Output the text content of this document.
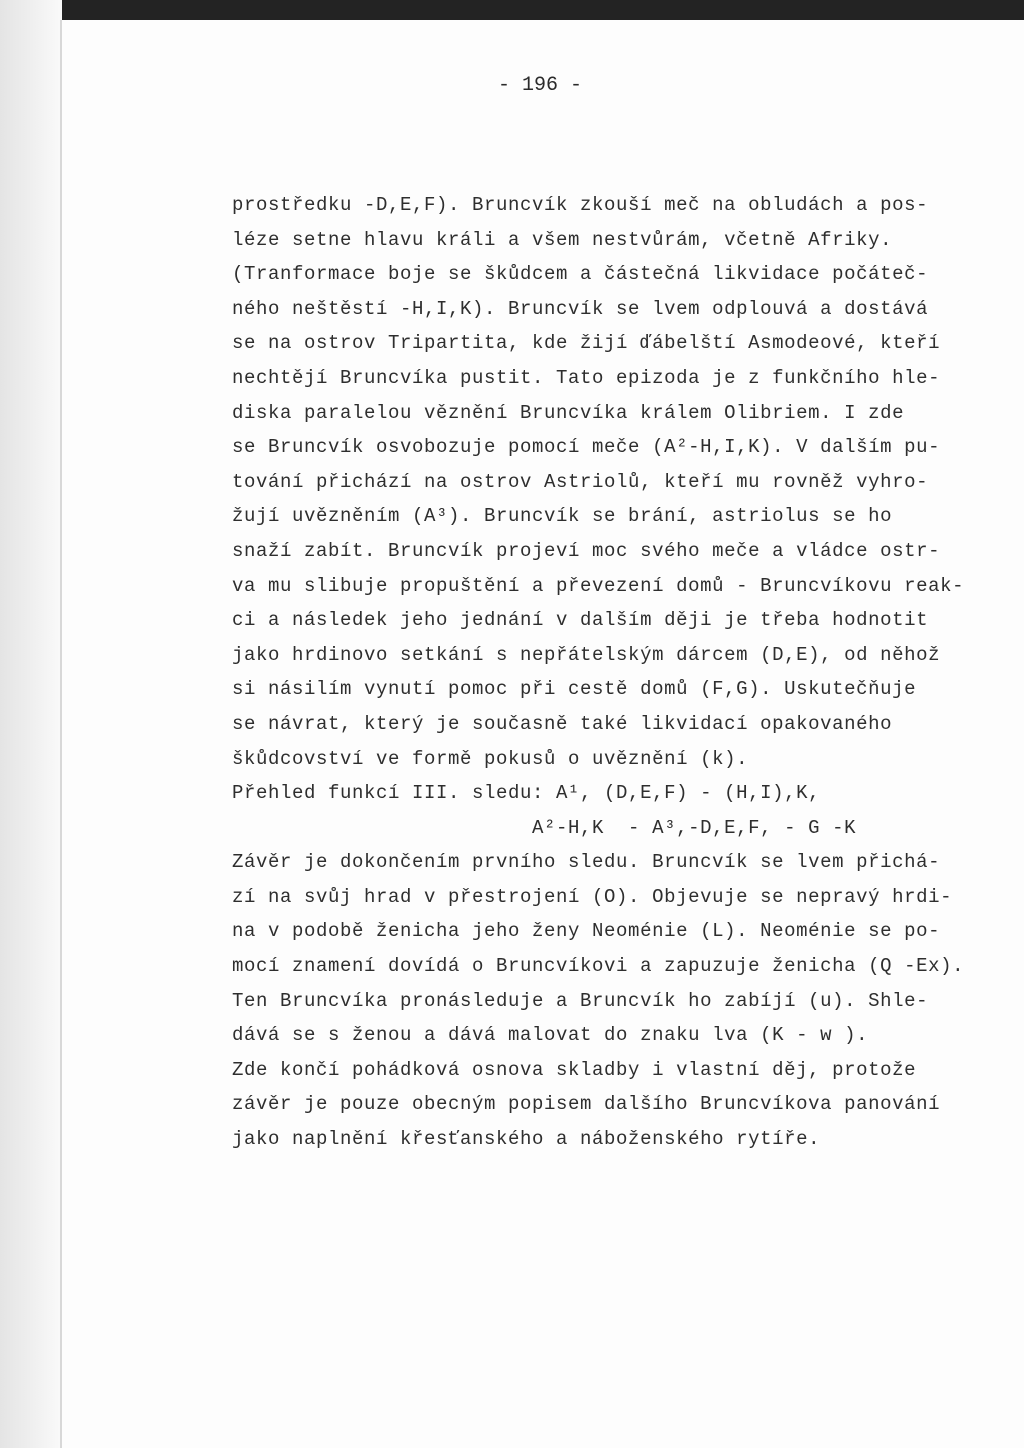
- 196 -
prostředku -D,E,F). Bruncvík zkouší meč na obludách a pos-
léze setne hlavu králi a všem nestvůrám, včetně Afriky.
(Tranformace boje se škůdcem a částečná likvidace počáteč-
ného neštěstí -H,I,K). Bruncvík se lvem odplouvá a dostává
se na ostrov Tripartita, kde žijí ďábelští Asmodeové, kteří
nechtějí Bruncvíka pustit. Tato epizoda je z funkčního hle-
diska paralelou věznění Bruncvíka králem Olibriem. I zde
se Bruncvík osvobozuje pomocí meče (A²-H,I,K). V dalším pu-
tování přichází na ostrov Astriolů, kteří mu rovněž vyhro-
žují uvězněním (A³). Bruncvík se brání, astriolus se ho
snaží zabít. Bruncvík projeví moc svého meče a vládce ostr-
va mu slibuje propuštění a převezení domů - Bruncvíkovu reak-
ci a následek jeho jednání v dalším ději je třeba hodnotit
jako hrdinovo setkání s nepřátelským dárcem (D,E), od něhož
si násilím vynutí pomoc při cestě domů (F,G). Uskutečňuje
se návrat, který je současně také likvidací opakovaného
škůdcovství ve formě pokusů o uvěznění (k).
Přehled funkcí III. sledu: A¹, (D,E,F) - (H,I),K,
A²-H,K  - A³,-D,E,F, - G -K
Závěr je dokončením prvního sledu. Bruncvík se lvem přichá-
zí na svůj hrad v přestrojení (O). Objevuje se nepravý hrdi-
na v podobě ženicha jeho ženy Neoménie (L). Neoménie se po-
mocí znamení dovídá o Bruncvíkovi a zapuzuje ženicha (Q -Ex).
Ten Bruncvíka pronásleduje a Bruncvík ho zabíjí (u). Shle-
dává se s ženou a dává malovat do znaku lva (K - w ).
Zde končí pohádková osnova skladby i vlastní děj, protože
závěr je pouze obecným popisem dalšího Bruncvíkova panování
jako naplnění křesťanského a náboženského rytíře.
